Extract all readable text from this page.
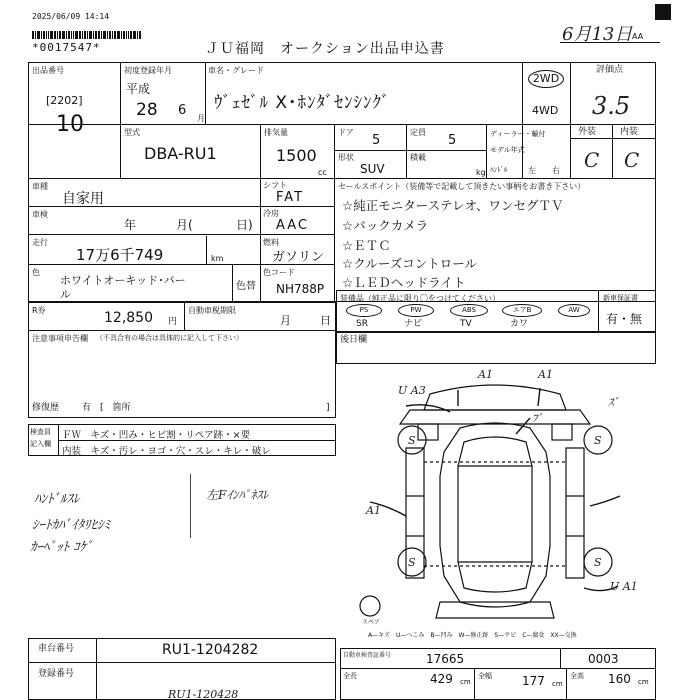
2025/06/09 14:14
*0017547*	ＪＵ福岡　オークション出品申込書
6月13日 AA
出品番号
[2202]
10
初度登録年月
平成
28 6
月
車名・グレード
ｳﾞｪｾﾞﾙ X･ﾎﾝﾀﾞｾﾝｼﾝｸﾞ
2WD
4WD
評価点
3.5
型式
DBA-RU1
排気量
1500
cc
ドア
5
定員
5
形状
SUV
積載
kg
ディーラー・輸付
モデル年式
ﾊﾝﾄﾞﾙ	左 右
外装	内装
C C
車種
自家用
シフト
FAT
車検
年	月(	日)
冷房
AAC
走行
17万6千749	km
燃料
ガソリン
色
ホワイトオーキッド･パー
ル
色替
色コード
NH788P
セールスポイント（装備等で記載して頂きたい事柄をお書き下さい）
☆純正モニターステレオ、ワンセグＴＶ
☆バックカメラ
☆ＥＴＣ
☆クルーズコントロール
☆ＬＥＤヘッドライト
装備品（純正品に限り〇をつけてください）
PS	PW	ABS	エアB	AW
SR	ナビ	TV	カワ
新車保証書
有・無
R券	12,850 円
自動車税期限
月	日
注意事項申告欄 （不具合有の場合は具体的に記入して下さい）
修復歴	有　[　箇所	]
後日欄
検査員
記入欄
ＦＷ　キズ・凹み・ヒビ割・リペア跡・×要
内装　キズ・汚レ・ヨゴ・穴・スレ・キレ・破レ
ﾊﾝﾄﾞﾙｽﾚ
ｼｰﾄｶﾊﾞｲﾀﾘﾋｼﾐ
ｶｰﾍﾟｯﾄ ｺｹﾞ
左Fｲﾝﾊﾟﾈｽﾚ
A1	A1
U A3
ﾌﾟ
ｽﾞ
S	S
S	S
A1
U A1
スペア
A—キズ　U—へこみ　B—凹み　W—修正跡　S—サビ　C—腐食　XX—交換
車台番号	RU1-1204282
登録番号
自動車検査証番号	17665	0003
全長	429 cm
全幅	177 cm
全高 160 cm
RU1-120428
